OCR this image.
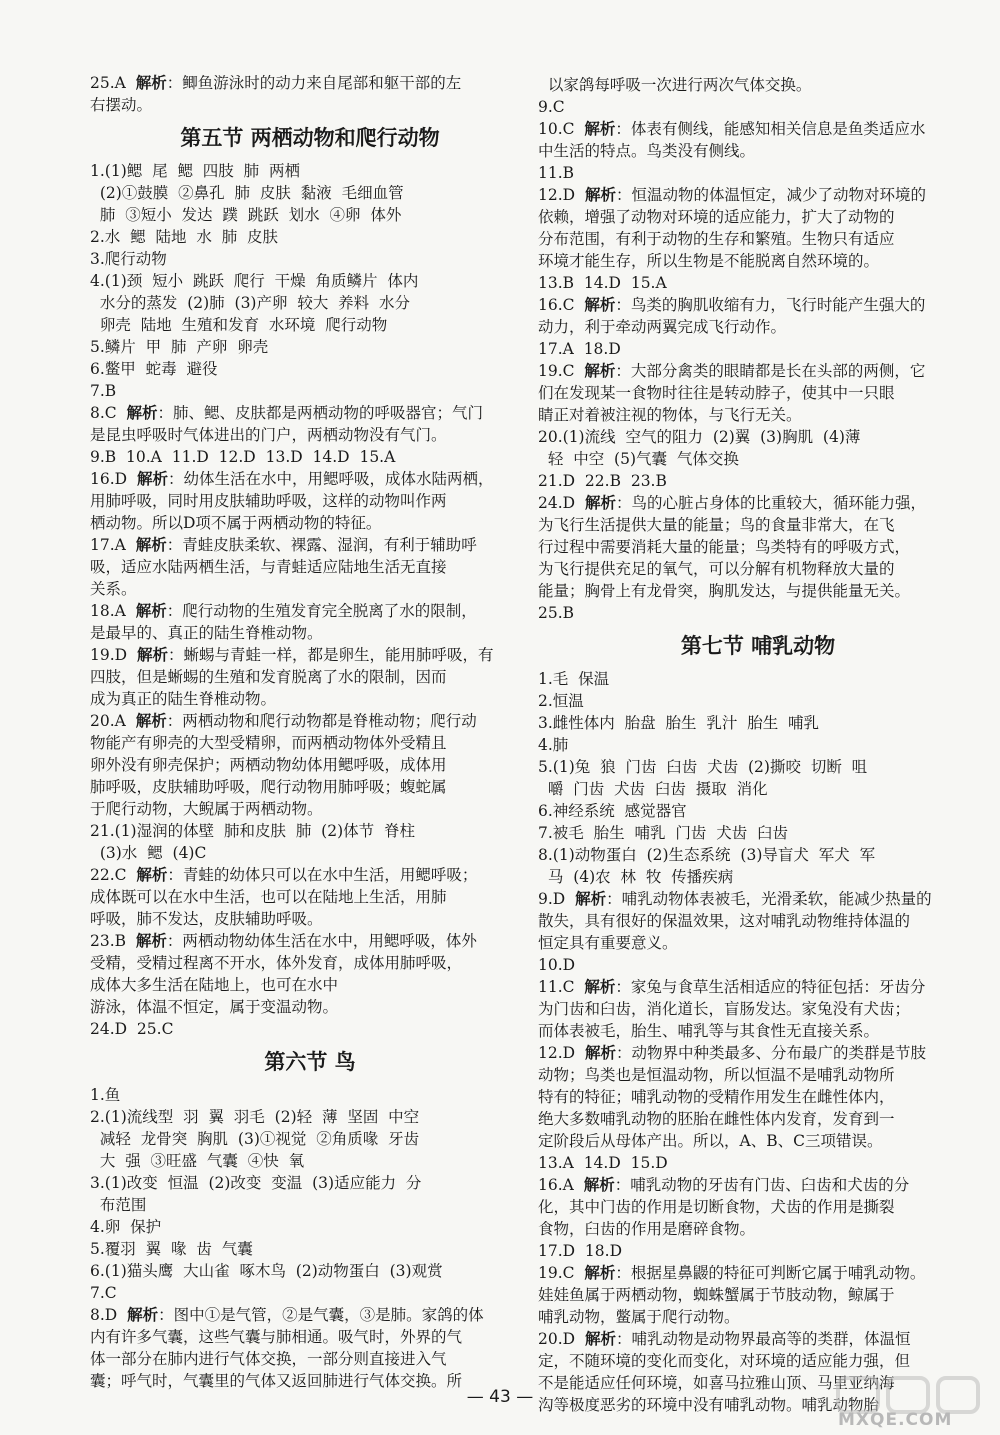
25.A  解析：鲫鱼游泳时的动力来自尾部和躯干部的左
右摆动。
第五节 两栖动物和爬行动物
1.(1)鳃  尾  鳃  四肢  肺  两栖
(2)①鼓膜  ②鼻孔  肺  皮肤  黏液  毛细血管
肺  ③短小  发达  蹼  跳跃  划水  ④卵  体外
2.水  鳃  陆地  水  肺  皮肤
3.爬行动物
4.(1)颈  短小  跳跃  爬行  干燥  角质鳞片  体内
水分的蒸发  (2)肺  (3)产卵  较大  养料  水分
卵壳  陆地  生殖和发育  水环境  爬行动物
5.鳞片  甲  肺  产卵  卵壳
6.鳖甲  蛇毒  避役
7.B
8.C  解析：肺、鳃、皮肤都是两栖动物的呼吸器官；气门
是昆虫呼吸时气体进出的门户，两栖动物没有气门。
9.B  10.A  11.D  12.D  13.D  14.D  15.A
16.D  解析：幼体生活在水中，用鳃呼吸，成体水陆两栖，
用肺呼吸，同时用皮肤辅助呼吸，这样的动物叫作两
栖动物。所以D项不属于两栖动物的特征。
17.A  解析：青蛙皮肤柔软、裸露、湿润，有利于辅助呼
吸，适应水陆两栖生活，与青蛙适应陆地生活无直接
关系。
18.A  解析：爬行动物的生殖发育完全脱离了水的限制，
是最早的、真正的陆生脊椎动物。
19.D  解析：蜥蜴与青蛙一样，都是卵生，能用肺呼吸，有
四肢，但是蜥蜴的生殖和发育脱离了水的限制，因而
成为真正的陆生脊椎动物。
20.A  解析：两栖动物和爬行动物都是脊椎动物；爬行动
物能产有卵壳的大型受精卵，而两栖动物体外受精且
卵外没有卵壳保护；两栖动物幼体用鳃呼吸，成体用
肺呼吸，皮肤辅助呼吸，爬行动物用肺呼吸；蝮蛇属
于爬行动物，大鲵属于两栖动物。
21.(1)湿润的体壁  肺和皮肤  肺  (2)体节  脊柱
(3)水  鳃  (4)C
22.C  解析：青蛙的幼体只可以在水中生活，用鳃呼吸；
成体既可以在水中生活，也可以在陆地上生活，用肺
呼吸，肺不发达，皮肤辅助呼吸。
23.B  解析：两栖动物幼体生活在水中，用鳃呼吸，体外
受精，受精过程离不开水，体外发育，成体用肺呼吸，
成体大多生活在陆地上，也可在水中
游泳，体温不恒定，属于变温动物。
24.D  25.C
第六节 鸟
1.鱼
2.(1)流线型  羽  翼  羽毛  (2)轻  薄  坚固  中空
减轻  龙骨突  胸肌  (3)①视觉  ②角质喙  牙齿
大  强  ③旺盛  气囊  ④快  氧
3.(1)改变  恒温  (2)改变  变温  (3)适应能力  分
布范围
4.卵  保护
5.覆羽  翼  喙  齿  气囊
6.(1)猫头鹰  大山雀  啄木鸟  (2)动物蛋白  (3)观赏
7.C
8.D  解析：图中①是气管，②是气囊，③是肺。家鸽的体
内有许多气囊，这些气囊与肺相通。吸气时，外界的气
体一部分在肺内进行气体交换，一部分则直接进入气
囊；呼气时，气囊里的气体又返回肺进行气体交换。所
以家鸽每呼吸一次进行两次气体交换。
9.C
10.C  解析：体表有侧线，能感知相关信息是鱼类适应水
中生活的特点。鸟类没有侧线。
11.B
12.D  解析：恒温动物的体温恒定，减少了动物对环境的
依赖，增强了动物对环境的适应能力，扩大了动物的
分布范围，有利于动物的生存和繁殖。生物只有适应
环境才能生存，所以生物是不能脱离自然环境的。
13.B  14.D  15.A
16.C  解析：鸟类的胸肌收缩有力，飞行时能产生强大的
动力，利于牵动两翼完成飞行动作。
17.A  18.D
19.C  解析：大部分禽类的眼睛都是长在头部的两侧，它
们在发现某一食物时往往是转动脖子，使其中一只眼
睛正对着被注视的物体，与飞行无关。
20.(1)流线  空气的阻力  (2)翼  (3)胸肌  (4)薄
轻  中空  (5)气囊  气体交换
21.D  22.B  23.B
24.D  解析：鸟的心脏占身体的比重较大，循环能力强，
为飞行生活提供大量的能量；鸟的食量非常大，在飞
行过程中需要消耗大量的能量；鸟类特有的呼吸方式，
为飞行提供充足的氧气，可以分解有机物释放大量的
能量；胸骨上有龙骨突，胸肌发达，与提供能量无关。
25.B
第七节 哺乳动物
1.毛  保温
2.恒温
3.雌性体内  胎盘  胎生  乳汁  胎生  哺乳
4.肺
5.(1)兔  狼  门齿  臼齿  犬齿  (2)撕咬  切断  咀
嚼  门齿  犬齿  臼齿  摄取  消化
6.神经系统  感觉器官
7.被毛  胎生  哺乳  门齿  犬齿  臼齿
8.(1)动物蛋白  (2)生态系统  (3)导盲犬  军犬  军
马  (4)农  林  牧  传播疾病
9.D  解析：哺乳动物体表被毛，光滑柔软，能减少热量的
散失，具有很好的保温效果，这对哺乳动物维持体温的
恒定具有重要意义。
10.D
11.C  解析：家兔与食草生活相适应的特征包括：牙齿分
为门齿和臼齿，消化道长，盲肠发达。家兔没有犬齿；
而体表被毛，胎生、哺乳等与其食性无直接关系。
12.D  解析：动物界中种类最多、分布最广的类群是节肢
动物；鸟类也是恒温动物，所以恒温不是哺乳动物所
特有的特征；哺乳动物的受精作用发生在雌性体内，
绝大多数哺乳动物的胚胎在雌性体内发育，发育到一
定阶段后从母体产出。所以，A、B、C三项错误。
13.A  14.D  15.D
16.A  解析：哺乳动物的牙齿有门齿、臼齿和犬齿的分
化，其中门齿的作用是切断食物，犬齿的作用是撕裂
食物，臼齿的作用是磨碎食物。
17.D  18.D
19.C  解析：根据星鼻鼹的特征可判断它属于哺乳动物。
娃娃鱼属于两栖动物，蜘蛛蟹属于节肢动物，鲸属于
哺乳动物，鳖属于爬行动物。
20.D  解析：哺乳动物是动物界最高等的类群，体温恒
定，不随环境的变化而变化，对环境的适应能力强，但
不是能适应任何环境，如喜马拉雅山顶、马里亚纳海
沟等极度恶劣的环境中没有哺乳动物。哺乳动物胎
— 43 —
MXQE.COM
